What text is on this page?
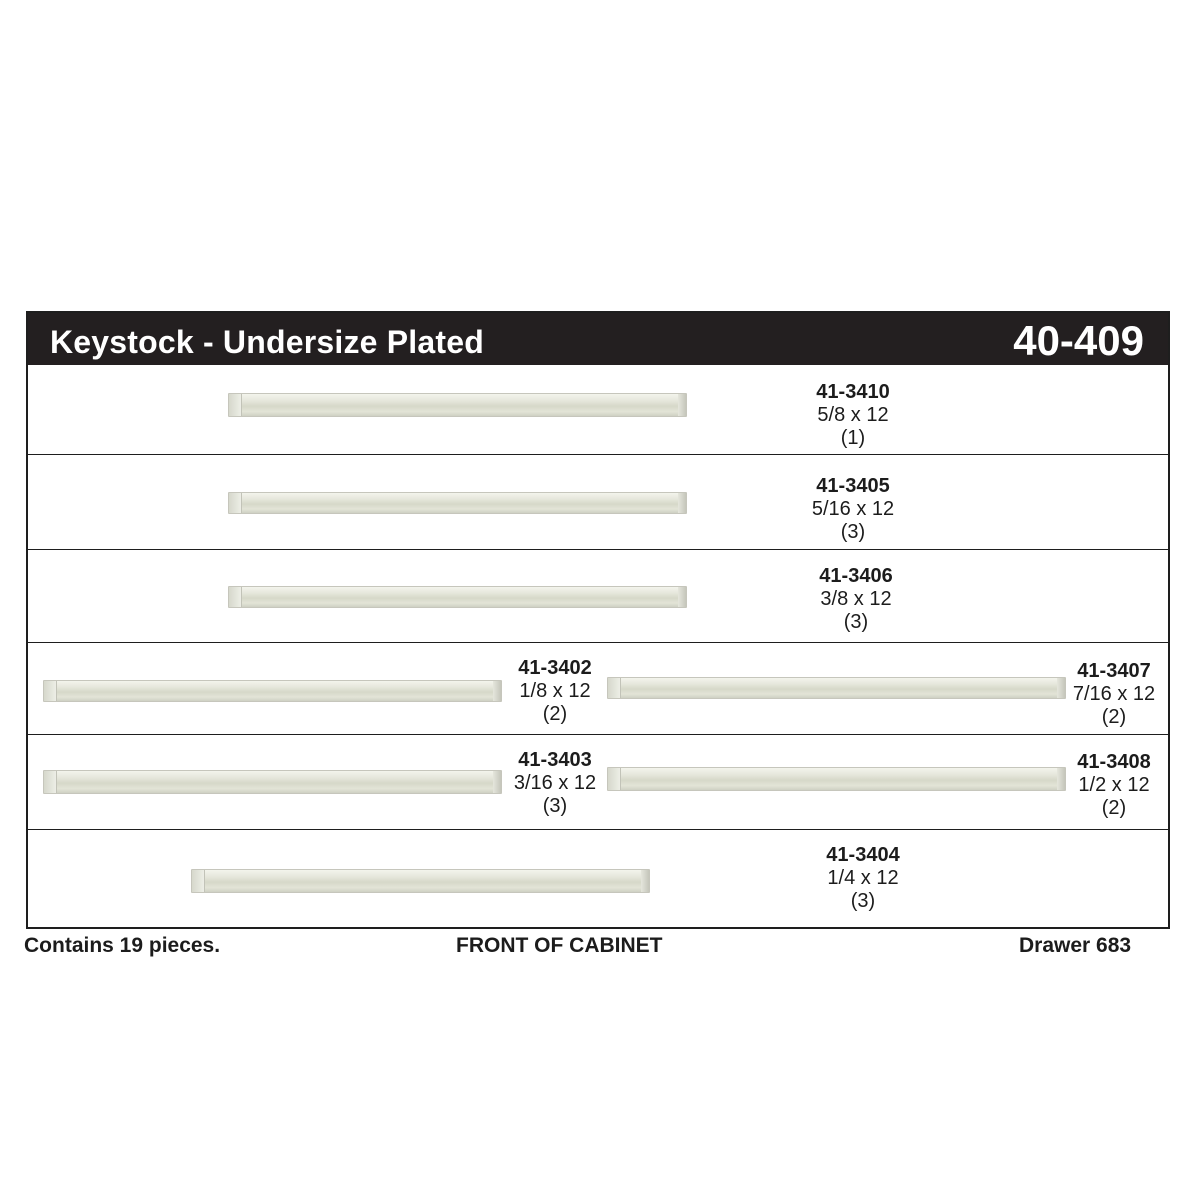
Keystock - Undersize Plated	40-409
41-3410
5/8 x 12
(1)
41-3405
5/16 x 12
(3)
41-3406
3/8 x 12
(3)
41-3402
1/8 x 12
(2)
41-3407
7/16 x 12
(2)
41-3403
3/16 x 12
(3)
41-3408
1/2 x 12
(2)
41-3404
1/4 x 12
(3)
Contains 19 pieces.	FRONT OF CABINET	Drawer 683
